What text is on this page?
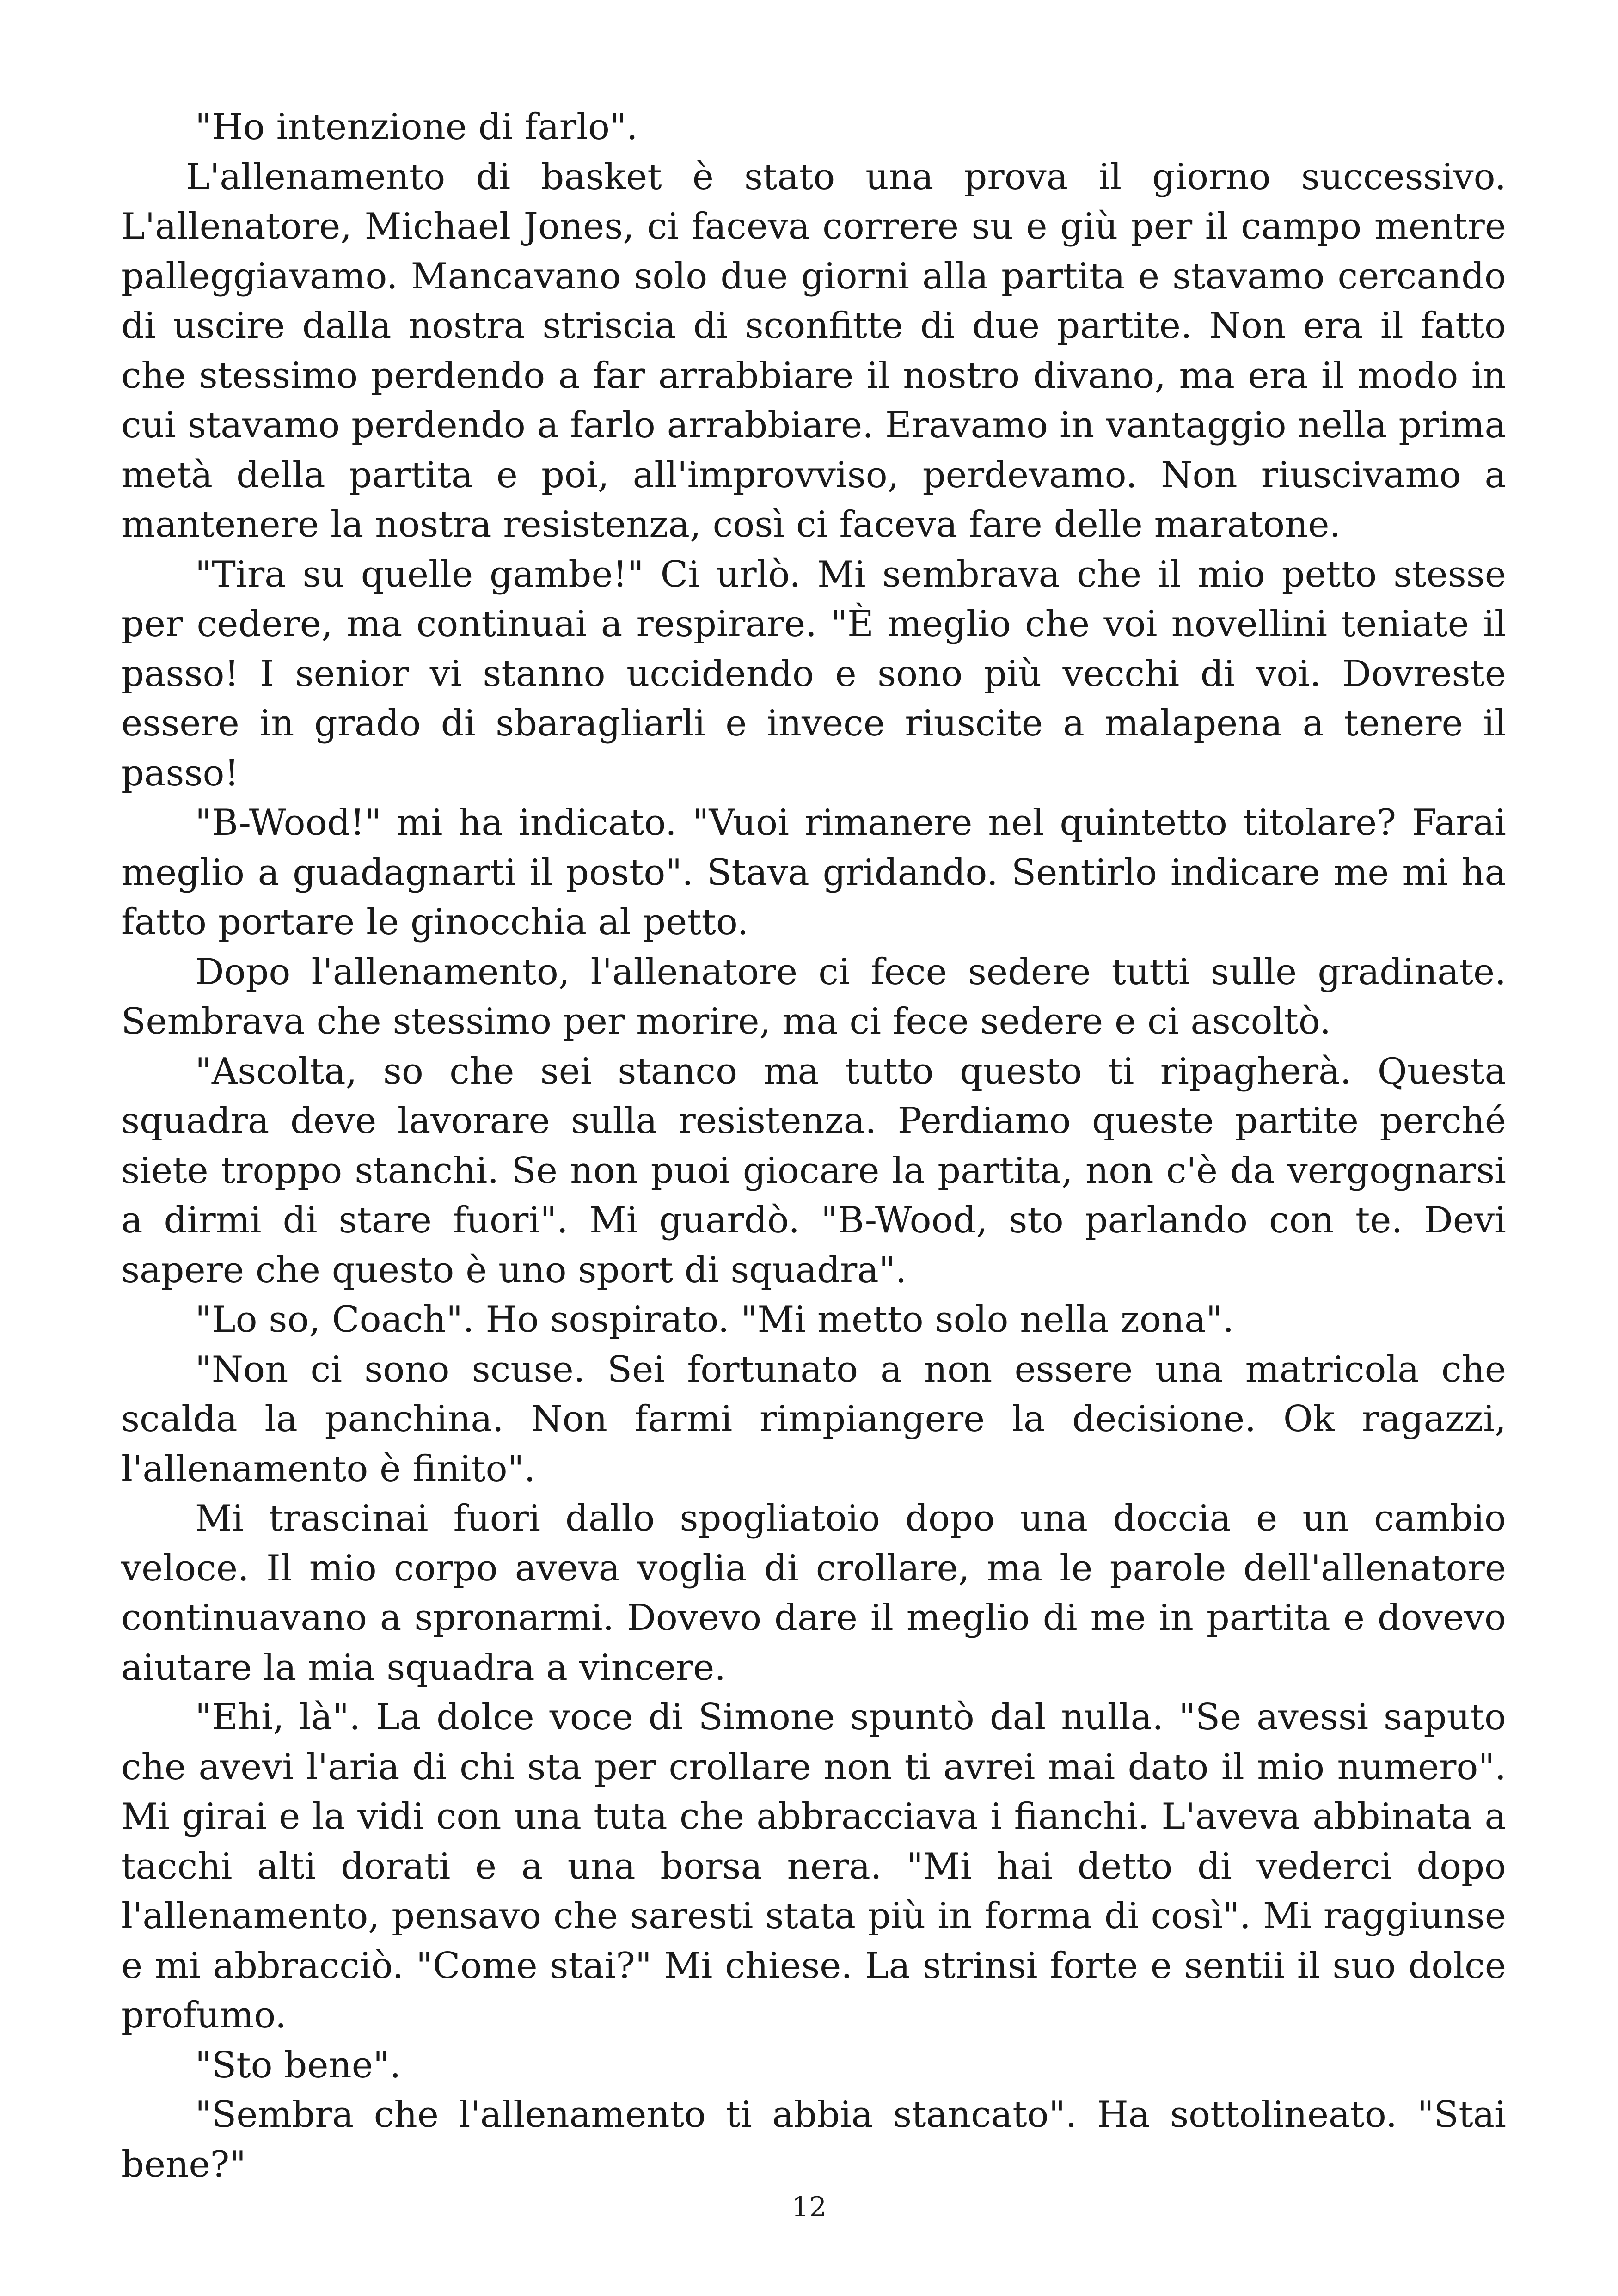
"Ho intenzione di farlo".

L'allenamento di basket è stato una prova il giorno successivo. L'allenatore, Michael Jones, ci faceva correre su e giù per il campo mentre palleggiavamo. Mancavano solo due giorni alla partita e stavamo cercando di uscire dalla nostra striscia di sconfitte di due partite. Non era il fatto che stessimo perdendo a far arrabbiare il nostro divano, ma era il modo in cui stavamo perdendo a farlo arrabbiare. Eravamo in vantaggio nella prima metà della partita e poi, all'improvviso, perdevamo. Non riuscivamo a mantenere la nostra resistenza, così ci faceva fare delle maratone.

"Tira su quelle gambe!" Ci urlò. Mi sembrava che il mio petto stesse per cedere, ma continuai a respirare. "È meglio che voi novellini teniate il passo! I senior vi stanno uccidendo e sono più vecchi di voi. Dovreste essere in grado di sbaragliarli e invece riuscite a malapena a tenere il passo!

"B-Wood!" mi ha indicato. "Vuoi rimanere nel quintetto titolare? Farai meglio a guadagnarti il posto". Stava gridando. Sentirlo indicare me mi ha fatto portare le ginocchia al petto.

Dopo l'allenamento, l'allenatore ci fece sedere tutti sulle gradinate. Sembrava che stessimo per morire, ma ci fece sedere e ci ascoltò.

"Ascolta, so che sei stanco ma tutto questo ti ripagherà. Questa squadra deve lavorare sulla resistenza. Perdiamo queste partite perché siete troppo stanchi. Se non puoi giocare la partita, non c'è da vergognarsi a dirmi di stare fuori". Mi guardò. "B-Wood, sto parlando con te. Devi sapere che questo è uno sport di squadra".

"Lo so, Coach". Ho sospirato. "Mi metto solo nella zona".

"Non ci sono scuse. Sei fortunato a non essere una matricola che scalda la panchina. Non farmi rimpiangere la decisione. Ok ragazzi, l'allenamento è finito".

Mi trascinai fuori dallo spogliatoio dopo una doccia e un cambio veloce. Il mio corpo aveva voglia di crollare, ma le parole dell'allenatore continuavano a spronarmi. Dovevo dare il meglio di me in partita e dovevo aiutare la mia squadra a vincere.

"Ehi, là". La dolce voce di Simone spuntò dal nulla. "Se avessi saputo che avevi l'aria di chi sta per crollare non ti avrei mai dato il mio numero". Mi girai e la vidi con una tuta che abbracciava i fianchi. L'aveva abbinata a tacchi alti dorati e a una borsa nera. "Mi hai detto di vederci dopo l'allenamento, pensavo che saresti stata più in forma di così". Mi raggiunse e mi abbracciò. "Come stai?" Mi chiese. La strinsi forte e sentii il suo dolce profumo.

"Sto bene".

"Sembra che l'allenamento ti abbia stancato". Ha sottolineato. "Stai bene?"

12
